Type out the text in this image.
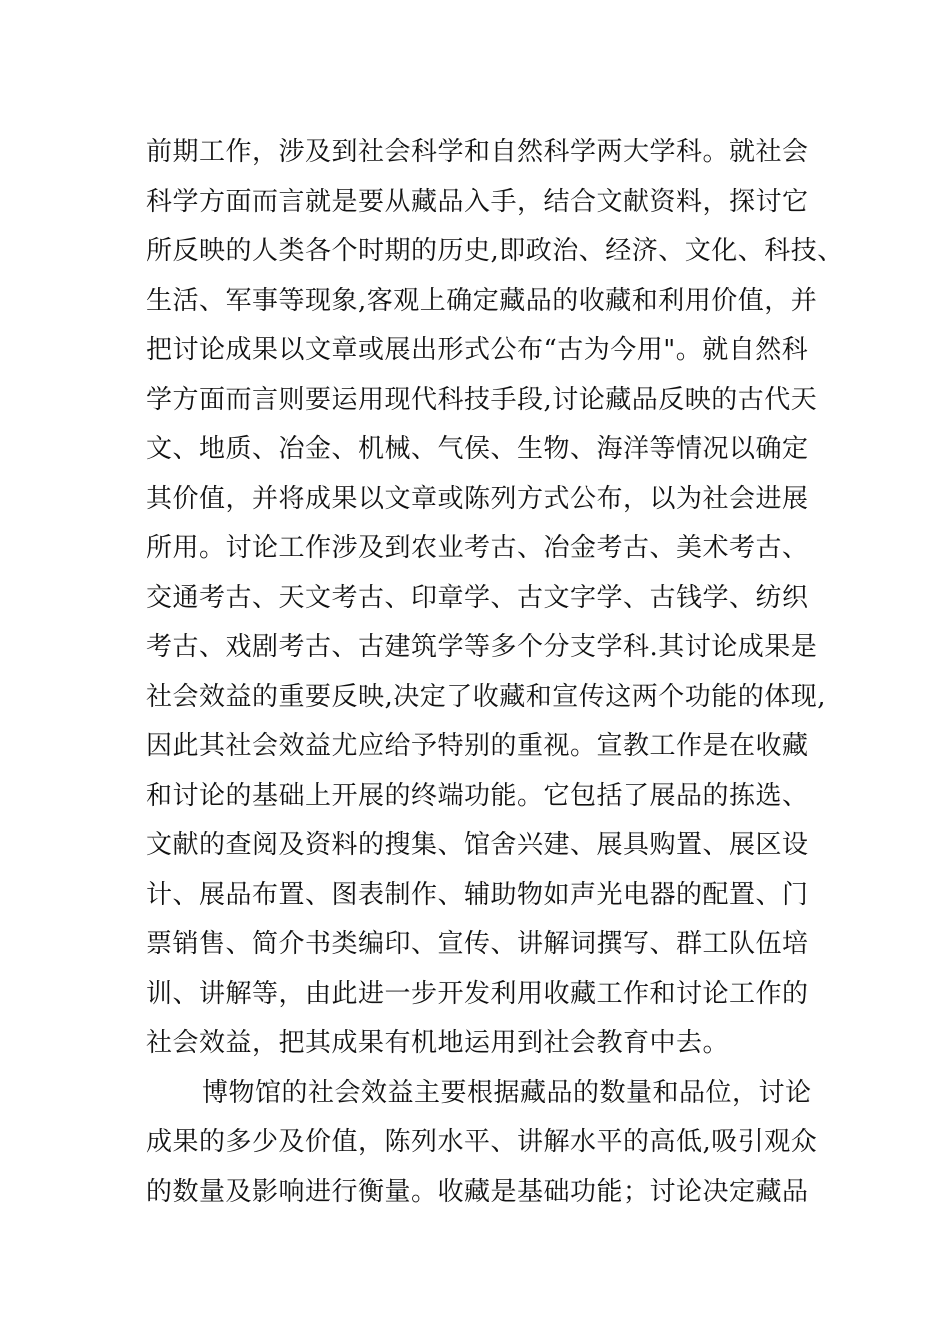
前期工作，涉及到社会科学和自然科学两大学科。就社会
科学方面而言就是要从藏品入手，结合文献资料，探讨它
所反映的人类各个时期的历史,即政治、经济、文化、科技、
生活、军事等现象,客观上确定藏品的收藏和利用价值，并
把讨论成果以文章或展出形式公布“古为今用"。就自然科
学方面而言则要运用现代科技手段,讨论藏品反映的古代天
文、地质、冶金、机械、气侯、生物、海洋等情况以确定
其价值，并将成果以文章或陈列方式公布，以为社会进展
所用。讨论工作涉及到农业考古、冶金考古、美术考古、
交通考古、天文考古、印章学、古文字学、古钱学、纺织
考古、戏剧考古、古建筑学等多个分支学科.其讨论成果是
社会效益的重要反映,决定了收藏和宣传这两个功能的体现,
因此其社会效益尤应给予特别的重视。宣教工作是在收藏
和讨论的基础上开展的终端功能。它包括了展品的拣选、
文献的查阅及资料的搜集、馆舍兴建、展具购置、展区设
计、展品布置、图表制作、辅助物如声光电器的配置、门
票销售、简介书类编印、宣传、讲解词撰写、群工队伍培
训、讲解等，由此进一步开发利用收藏工作和讨论工作的
社会效益，把其成果有机地运用到社会教育中去。
博物馆的社会效益主要根据藏品的数量和品位，讨论
成果的多少及价值，陈列水平、讲解水平的高低,吸引观众
的数量及影响进行衡量。收藏是基础功能；讨论决定藏品
